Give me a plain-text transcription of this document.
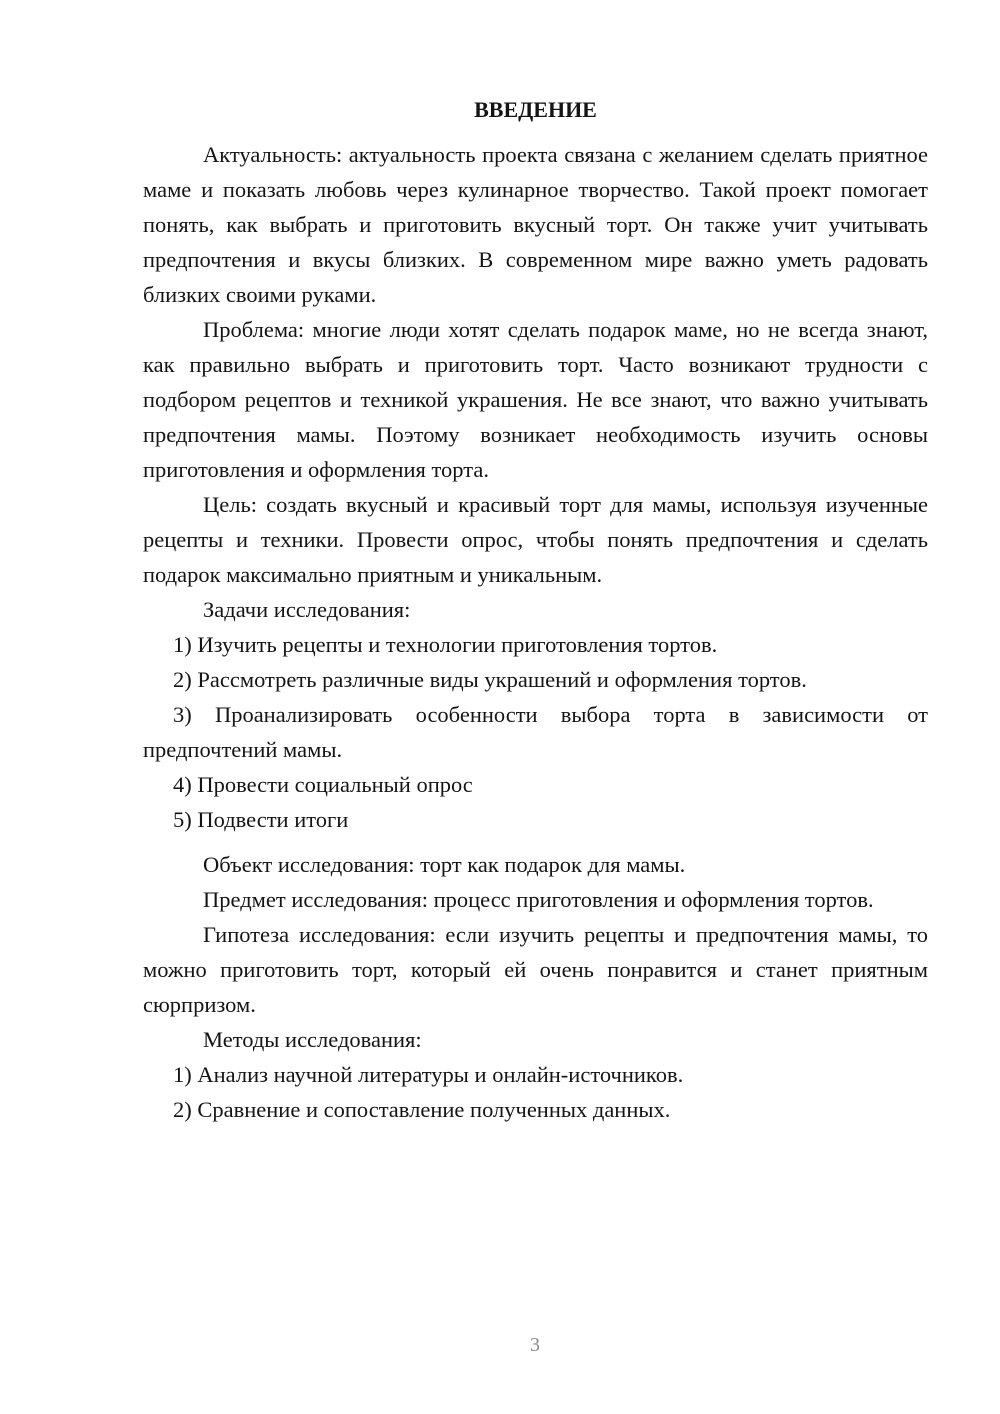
ВВЕДЕНИЕ

Актуальность: актуальность проекта связана с желанием сделать приятное маме и показать любовь через кулинарное творчество. Такой проект помогает понять, как выбрать и приготовить вкусный торт. Он также учит учитывать предпочтения и вкусы близких. В современном мире важно уметь радовать близких своими руками.

Проблема: многие люди хотят сделать подарок маме, но не всегда знают, как правильно выбрать и приготовить торт. Часто возникают трудности с подбором рецептов и техникой украшения. Не все знают, что важно учитывать предпочтения мамы. Поэтому возникает необходимость изучить основы приготовления и оформления торта.

Цель: создать вкусный и красивый торт для мамы, используя изученные рецепты и техники. Провести опрос, чтобы понять предпочтения и сделать подарок максимально приятным и уникальным.

Задачи исследования:

1) Изучить рецепты и технологии приготовления тортов.

2) Рассмотреть различные виды украшений и оформления тортов.

3) Проанализировать особенности выбора торта в зависимости от предпочтений мамы.

4) Провести социальный опрос

5) Подвести итоги

Объект исследования: торт как подарок для мамы.

Предмет исследования: процесс приготовления и оформления тортов.

Гипотеза исследования: если изучить рецепты и предпочтения мамы, то можно приготовить торт, который ей очень понравится и станет приятным сюрпризом.

Методы исследования:

1) Анализ научной литературы и онлайн-источников.

2) Сравнение и сопоставление полученных данных.

3
